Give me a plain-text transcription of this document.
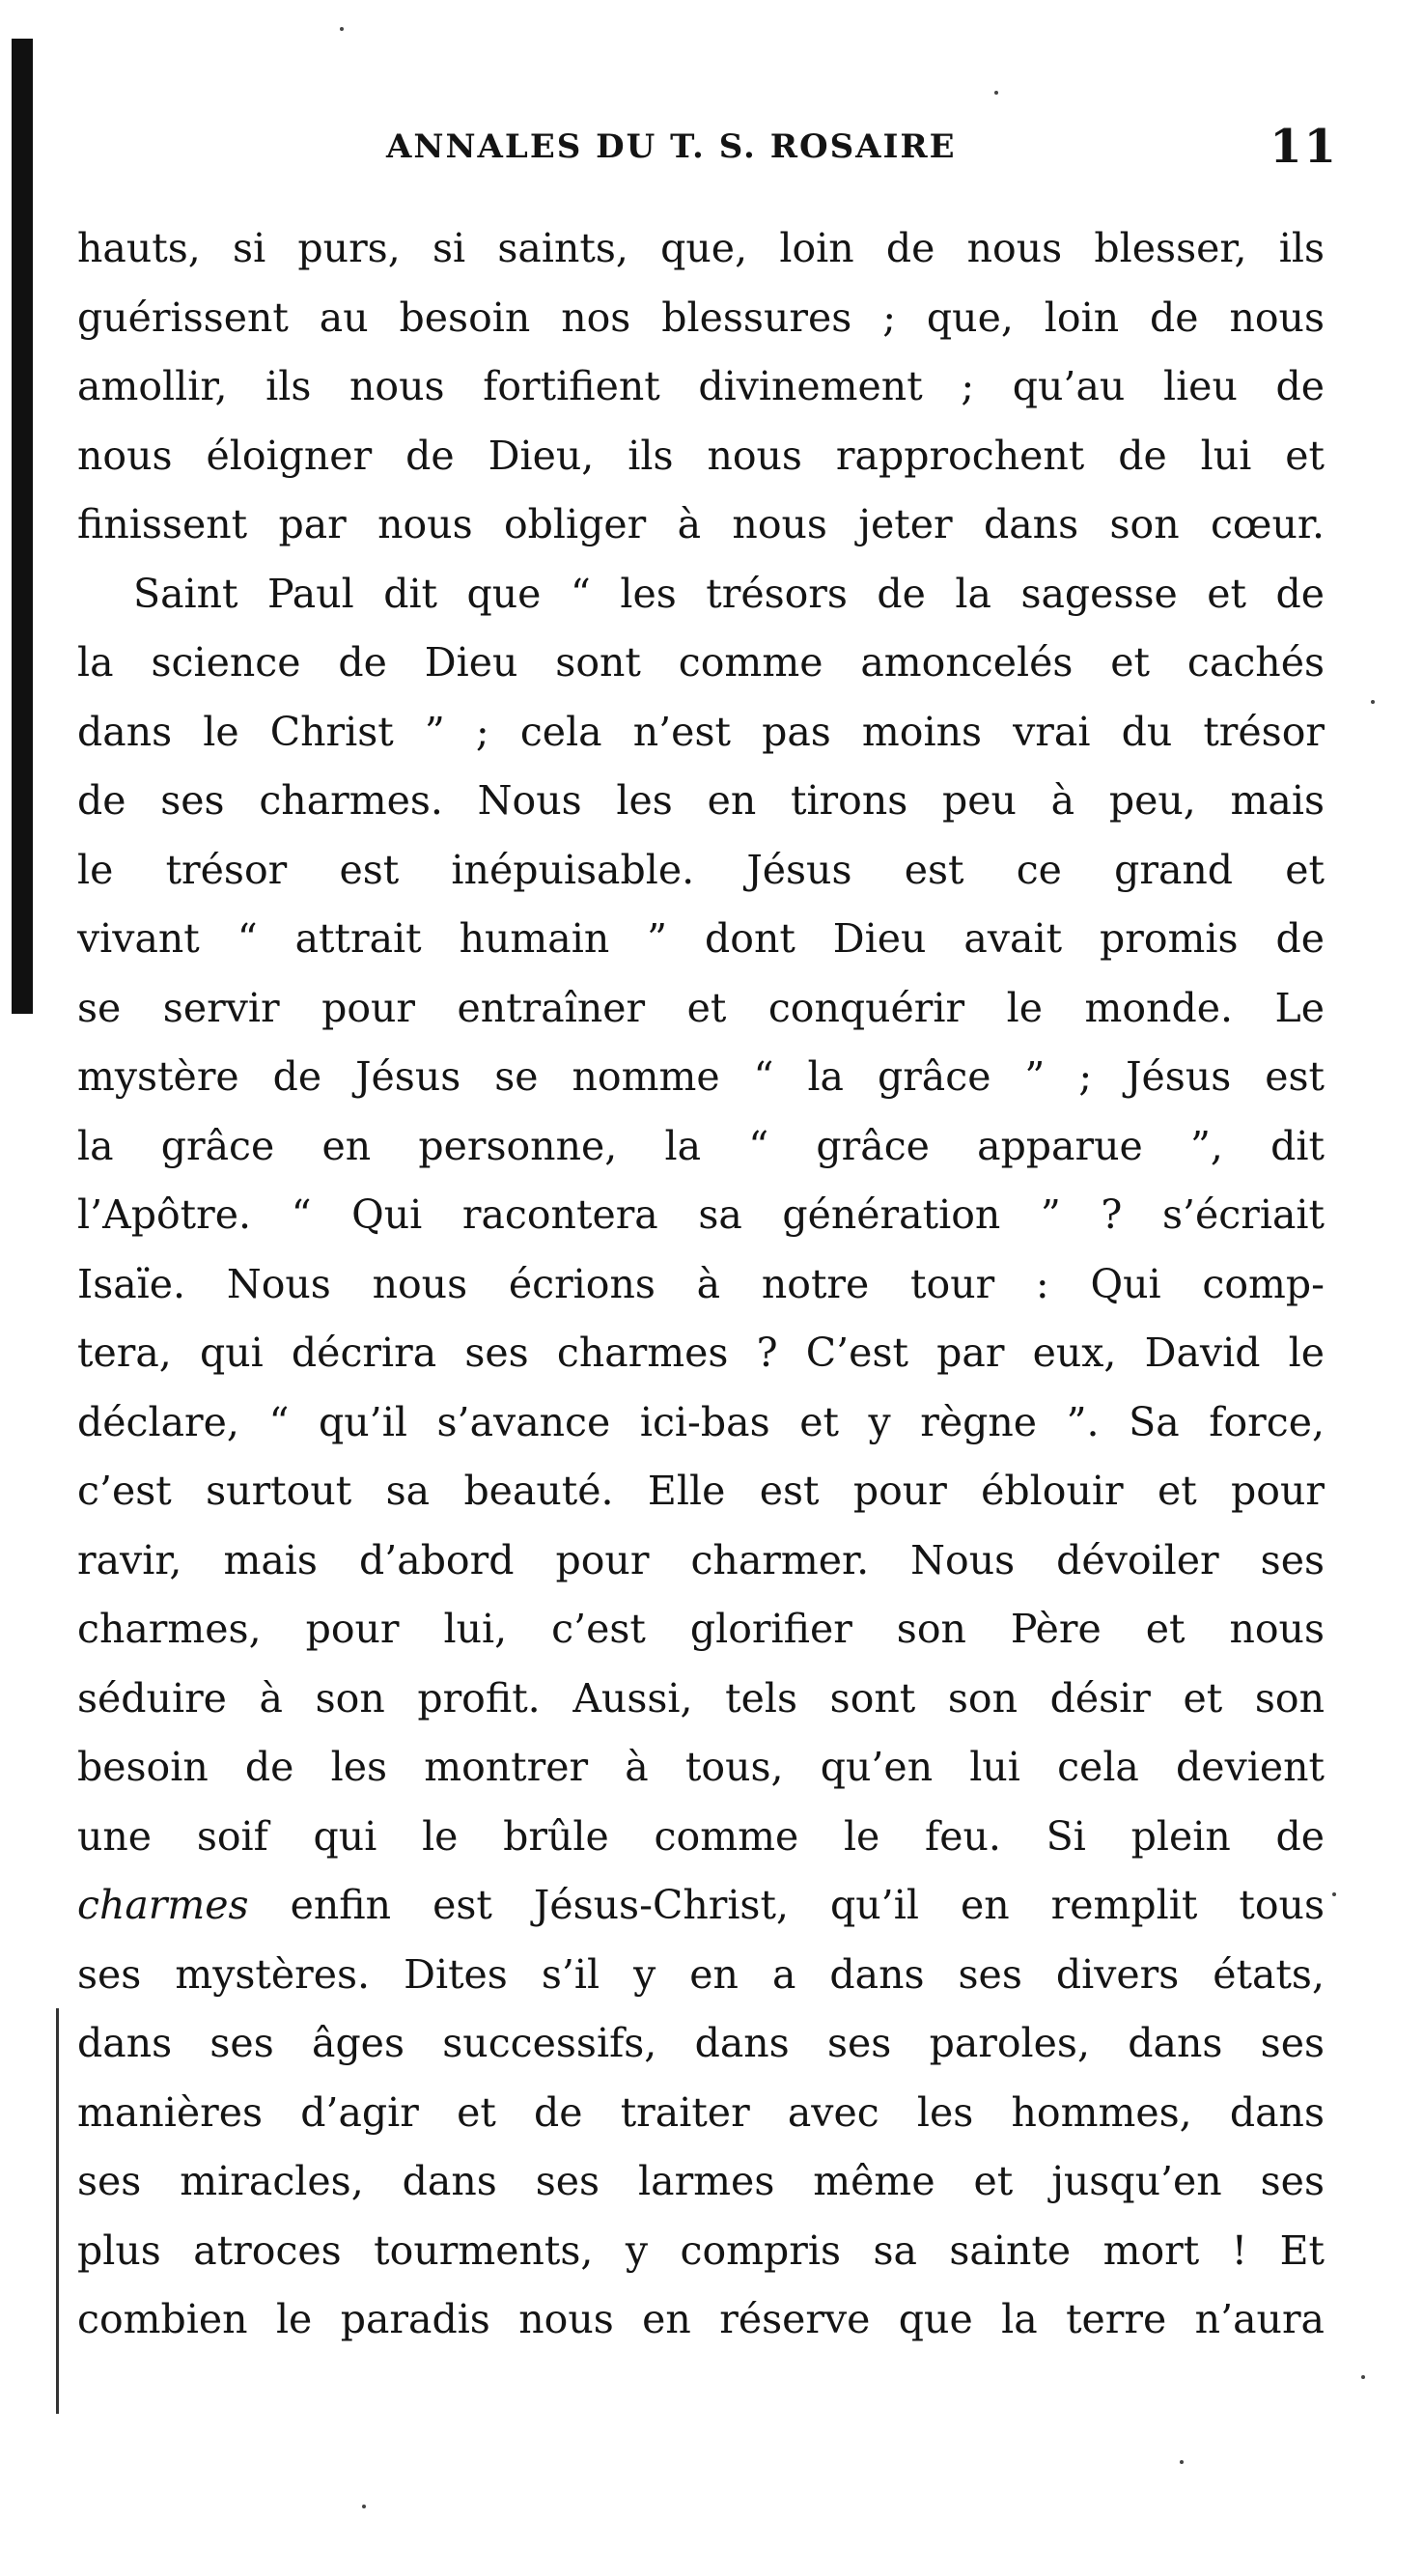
ANNALES DU T. S. ROSAIRE	11
hauts, si purs, si saints, que, loin de nous blesser, ils
guérissent au besoin nos blessures ; que, loin de nous
amollir, ils nous fortifient divinement ; qu’au lieu de
nous éloigner de Dieu, ils nous rapprochent de lui et
finissent par nous obliger à nous jeter dans son cœur.
Saint Paul dit que “ les trésors de la sagesse et de
la science de Dieu sont comme amoncelés et cachés
dans le Christ ” ; cela n’est pas moins vrai du trésor
de ses charmes. Nous les en tirons peu à peu, mais
le trésor est inépuisable. Jésus est ce grand et
vivant “ attrait humain ” dont Dieu avait promis de
se servir pour entraîner et conquérir le monde. Le
mystère de Jésus se nomme “ la grâce ” ; Jésus est
la grâce en personne, la “ grâce apparue ”, dit
l’Apôtre. “ Qui racontera sa génération ” ? s’écriait
Isaïe. Nous nous écrions à notre tour : Qui comp-
tera, qui décrira ses charmes ? C’est par eux, David le
déclare, “ qu’il s’avance ici-bas et y règne ”. Sa force,
c’est surtout sa beauté. Elle est pour éblouir et pour
ravir, mais d’abord pour charmer. Nous dévoiler ses
charmes, pour lui, c’est glorifier son Père et nous
séduire à son profit. Aussi, tels sont son désir et son
besoin de les montrer à tous, qu’en lui cela devient
une soif qui le brûle comme le feu. Si plein de
charmes enfin est Jésus-Christ, qu’il en remplit tous
ses mystères. Dites s’il y en a dans ses divers états,
dans ses âges successifs, dans ses paroles, dans ses
manières d’agir et de traiter avec les hommes, dans
ses miracles, dans ses larmes même et jusqu’en ses
plus atroces tourments, y compris sa sainte mort ! Et
combien le paradis nous en réserve que la terre n’aura
